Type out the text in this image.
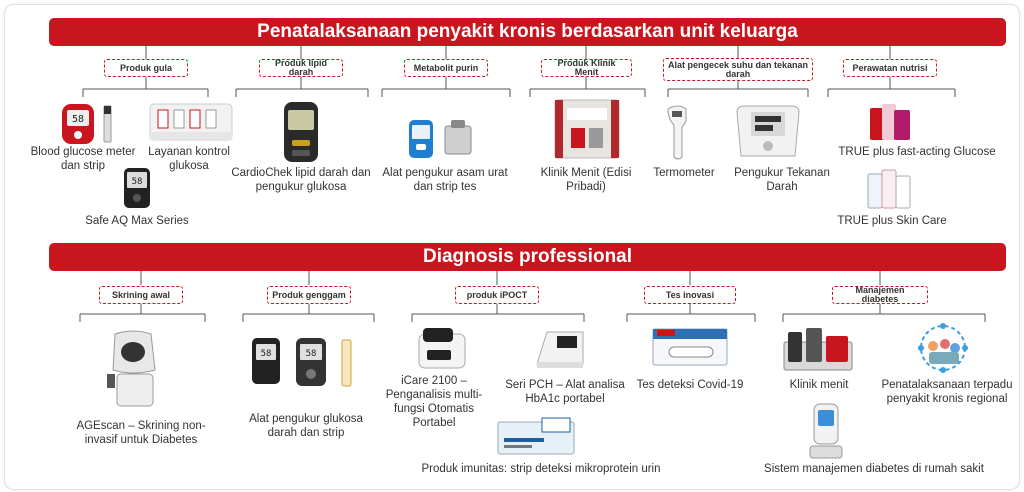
Penatalaksanaan penyakit kronis berdasarkan unit keluarga
Produk gula	Produk lipid darah	Metabolit purin	Produk Klinik Menit
Alat pengecek suhu dan tekanan darah
Perawatan nutrisi
58
58
Blood glucose meter dan strip
Layanan kontrol glukosa
Safe AQ Max Series
CardioChek lipid darah dan pengukur glukosa
Alat pengukur asam urat dan strip tes
Klinik Menit (Edisi Pribadi)
Termometer	Pengukur Tekanan Darah
TRUE plus fast-acting Glucose
TRUE plus Skin Care
Diagnosis professional
Skrining awal	Produk genggam	produk iPOCT	Tes inovasi	Manajemen diabetes
58	58
AGEscan – Skrining non-invasif untuk Diabetes
Alat pengukur glukosa darah dan strip
iCare 2100 – Penganalisis multi-fungsi Otomatis Portabel
Seri PCH – Alat analisa HbA1c portabel
Produk imunitas: strip deteksi mikroprotein urin
Tes deteksi Covid-19	Klinik menit	Penatalaksanaan terpadu penyakit kronis regional
Sistem manajemen diabetes di rumah sakit
